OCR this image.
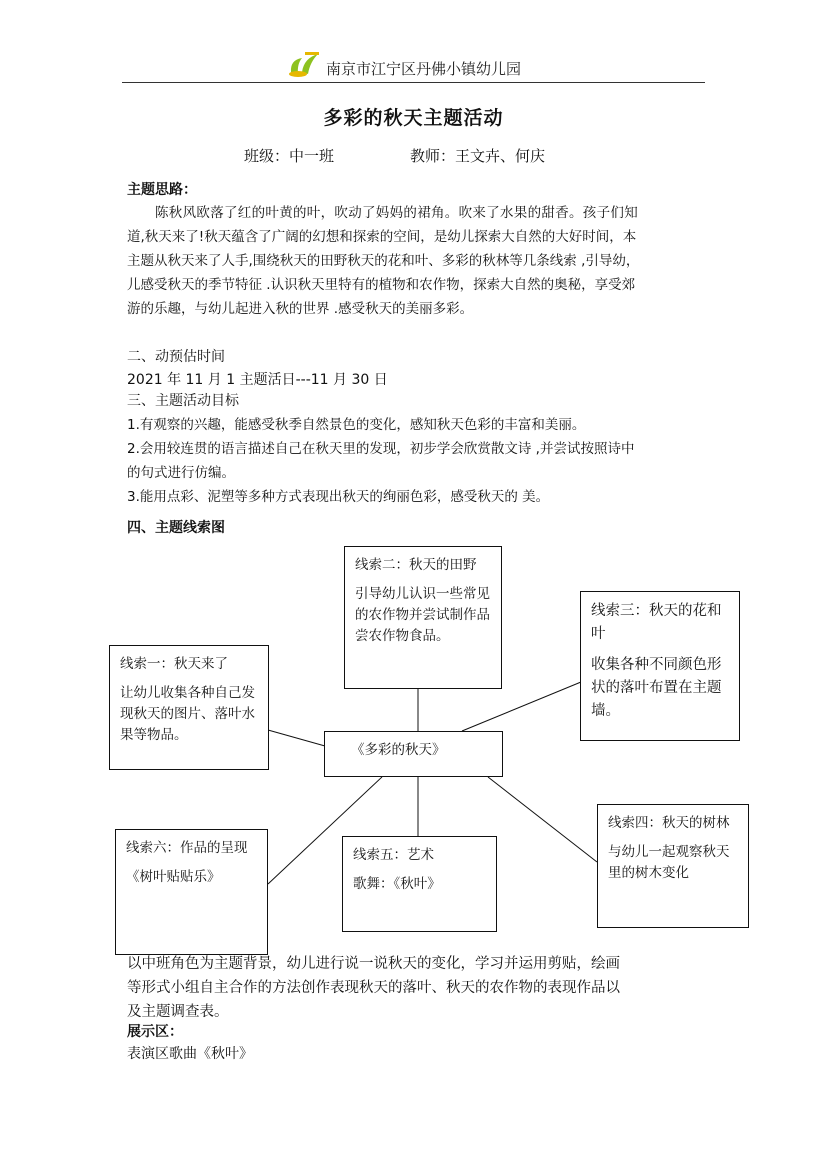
南京市江宁区丹佛小镇幼儿园
多彩的秋天主题活动
班级：中一班	教师：王文卉、何庆
主题思路：
陈秋风欧落了红的叶黄的叶，吹动了妈妈的裙角。吹来了水果的甜香。孩子们知
道,秋天来了!秋天蕴含了广阔的幻想和探索的空间，是幼儿探索大自然的大好时间，本
主题从秋天来了人手,围绕秋天的田野秋天的花和叶、多彩的秋林等几条线索 ,引导幼，
儿感受秋天的季节特征 .认识秋天里特有的植物和农作物，探索大自然的奥秘，享受郊
游的乐趣，与幼儿起进入秋的世界 .感受秋天的美丽多彩。
二、动预估时间
2021 年 11 月 1 主题活日---11 月 30 日
三、主题活动目标
1.有观察的兴趣，能感受秋季自然景色的变化，感知秋天色彩的丰富和美丽。
2.会用较连贯的语言描述自己在秋天里的发现，初步学会欣赏散文诗 ,并尝试按照诗中
的句式进行仿编。
3.能用点彩、泥塑等多种方式表现出秋天的绚丽色彩，感受秋天的 美。
四、主题线索图
线索二：秋天的田野
引导幼儿认识一些常见的农作物并尝试制作品尝农作物食品。
线索三：秋天的花和叶
收集各种不同颜色形状的落叶布置在主题墙。
线索一：秋天来了
让幼儿收集各种自己发现秋天的图片、落叶水果等物品。
《多彩的秋天》
线索四：秋天的树林
与幼儿一起观察秋天里的树木变化
线索五：艺术
歌舞：《秋叶》
线索六：作品的呈现
《树叶贴贴乐》
以中班角色为主题背景，幼儿进行说一说秋天的变化，学习并运用剪贴，绘画
等形式小组自主合作的方法创作表现秋天的落叶、秋天的农作物的表现作品以
及主题调查表。
展示区：
表演区歌曲《秋叶》
